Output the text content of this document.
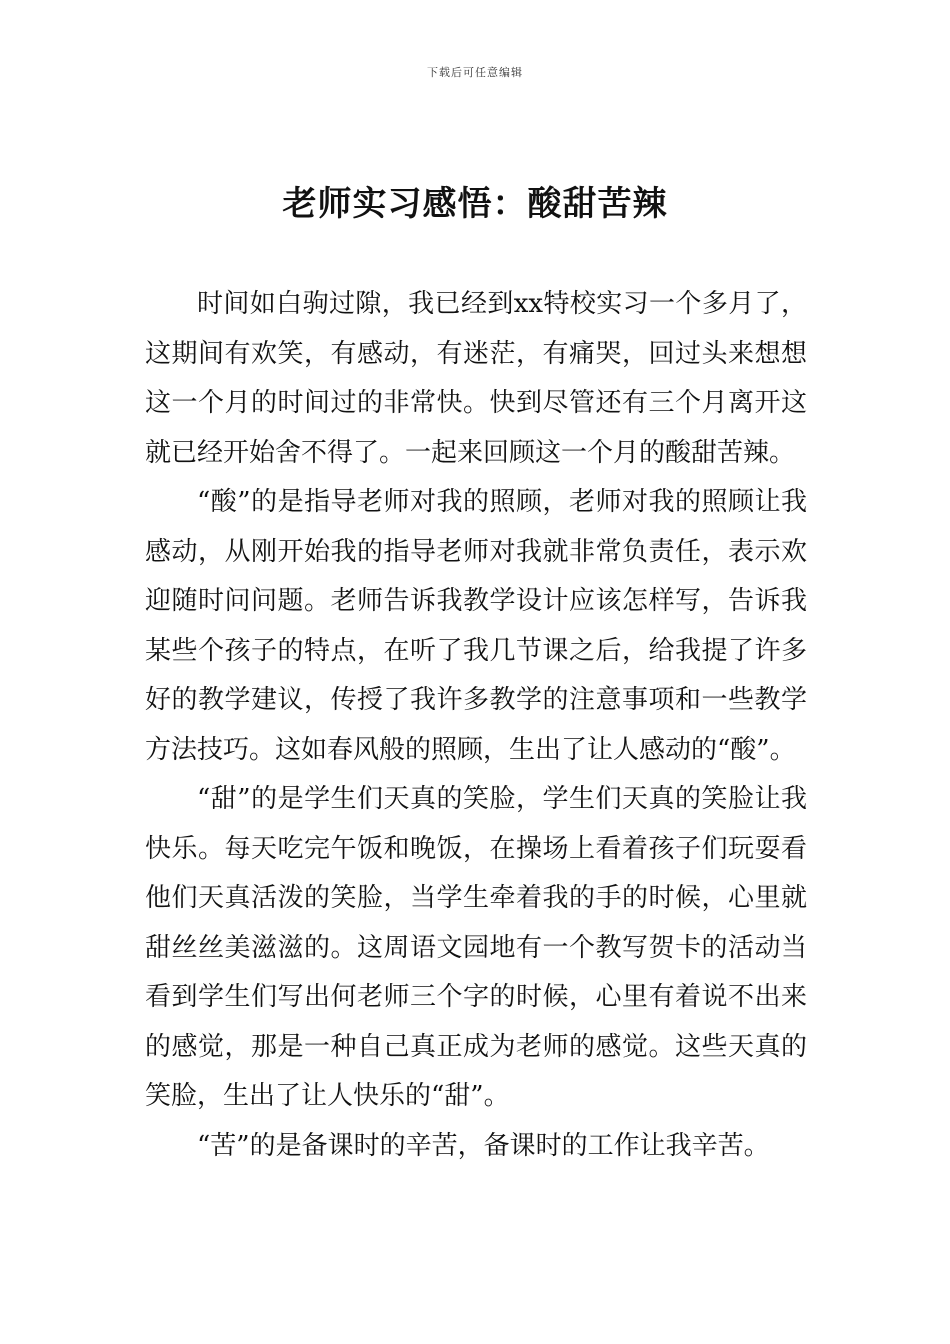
下载后可任意编辑
老师实习感悟：酸甜苦辣

时间如白驹过隙，我已经到xx特校实习一个多月了，这期间有欢笑，有感动，有迷茫，有痛哭，回过头来想想这一个月的时间过的非常快。快到尽管还有三个月离开这就已经开始舍不得了。一起来回顾这一个月的酸甜苦辣。

“酸”的是指导老师对我的照顾，老师对我的照顾让我感动，从刚开始我的指导老师对我就非常负责任，表示欢迎随时问问题。老师告诉我教学设计应该怎样写，告诉我某些个孩子的特点，在听了我几节课之后，给我提了许多好的教学建议，传授了我许多教学的注意事项和一些教学方法技巧。这如春风般的照顾，生出了让人感动的“酸”。

“甜”的是学生们天真的笑脸，学生们天真的笑脸让我快乐。每天吃完午饭和晚饭，在操场上看着孩子们玩耍看他们天真活泼的笑脸，当学生牵着我的手的时候，心里就甜丝丝美滋滋的。这周语文园地有一个教写贺卡的活动当看到学生们写出何老师三个字的时候，心里有着说不出来的感觉，那是一种自己真正成为老师的感觉。这些天真的笑脸，生出了让人快乐的“甜”。

“苦”的是备课时的辛苦，备课时的工作让我辛苦。
